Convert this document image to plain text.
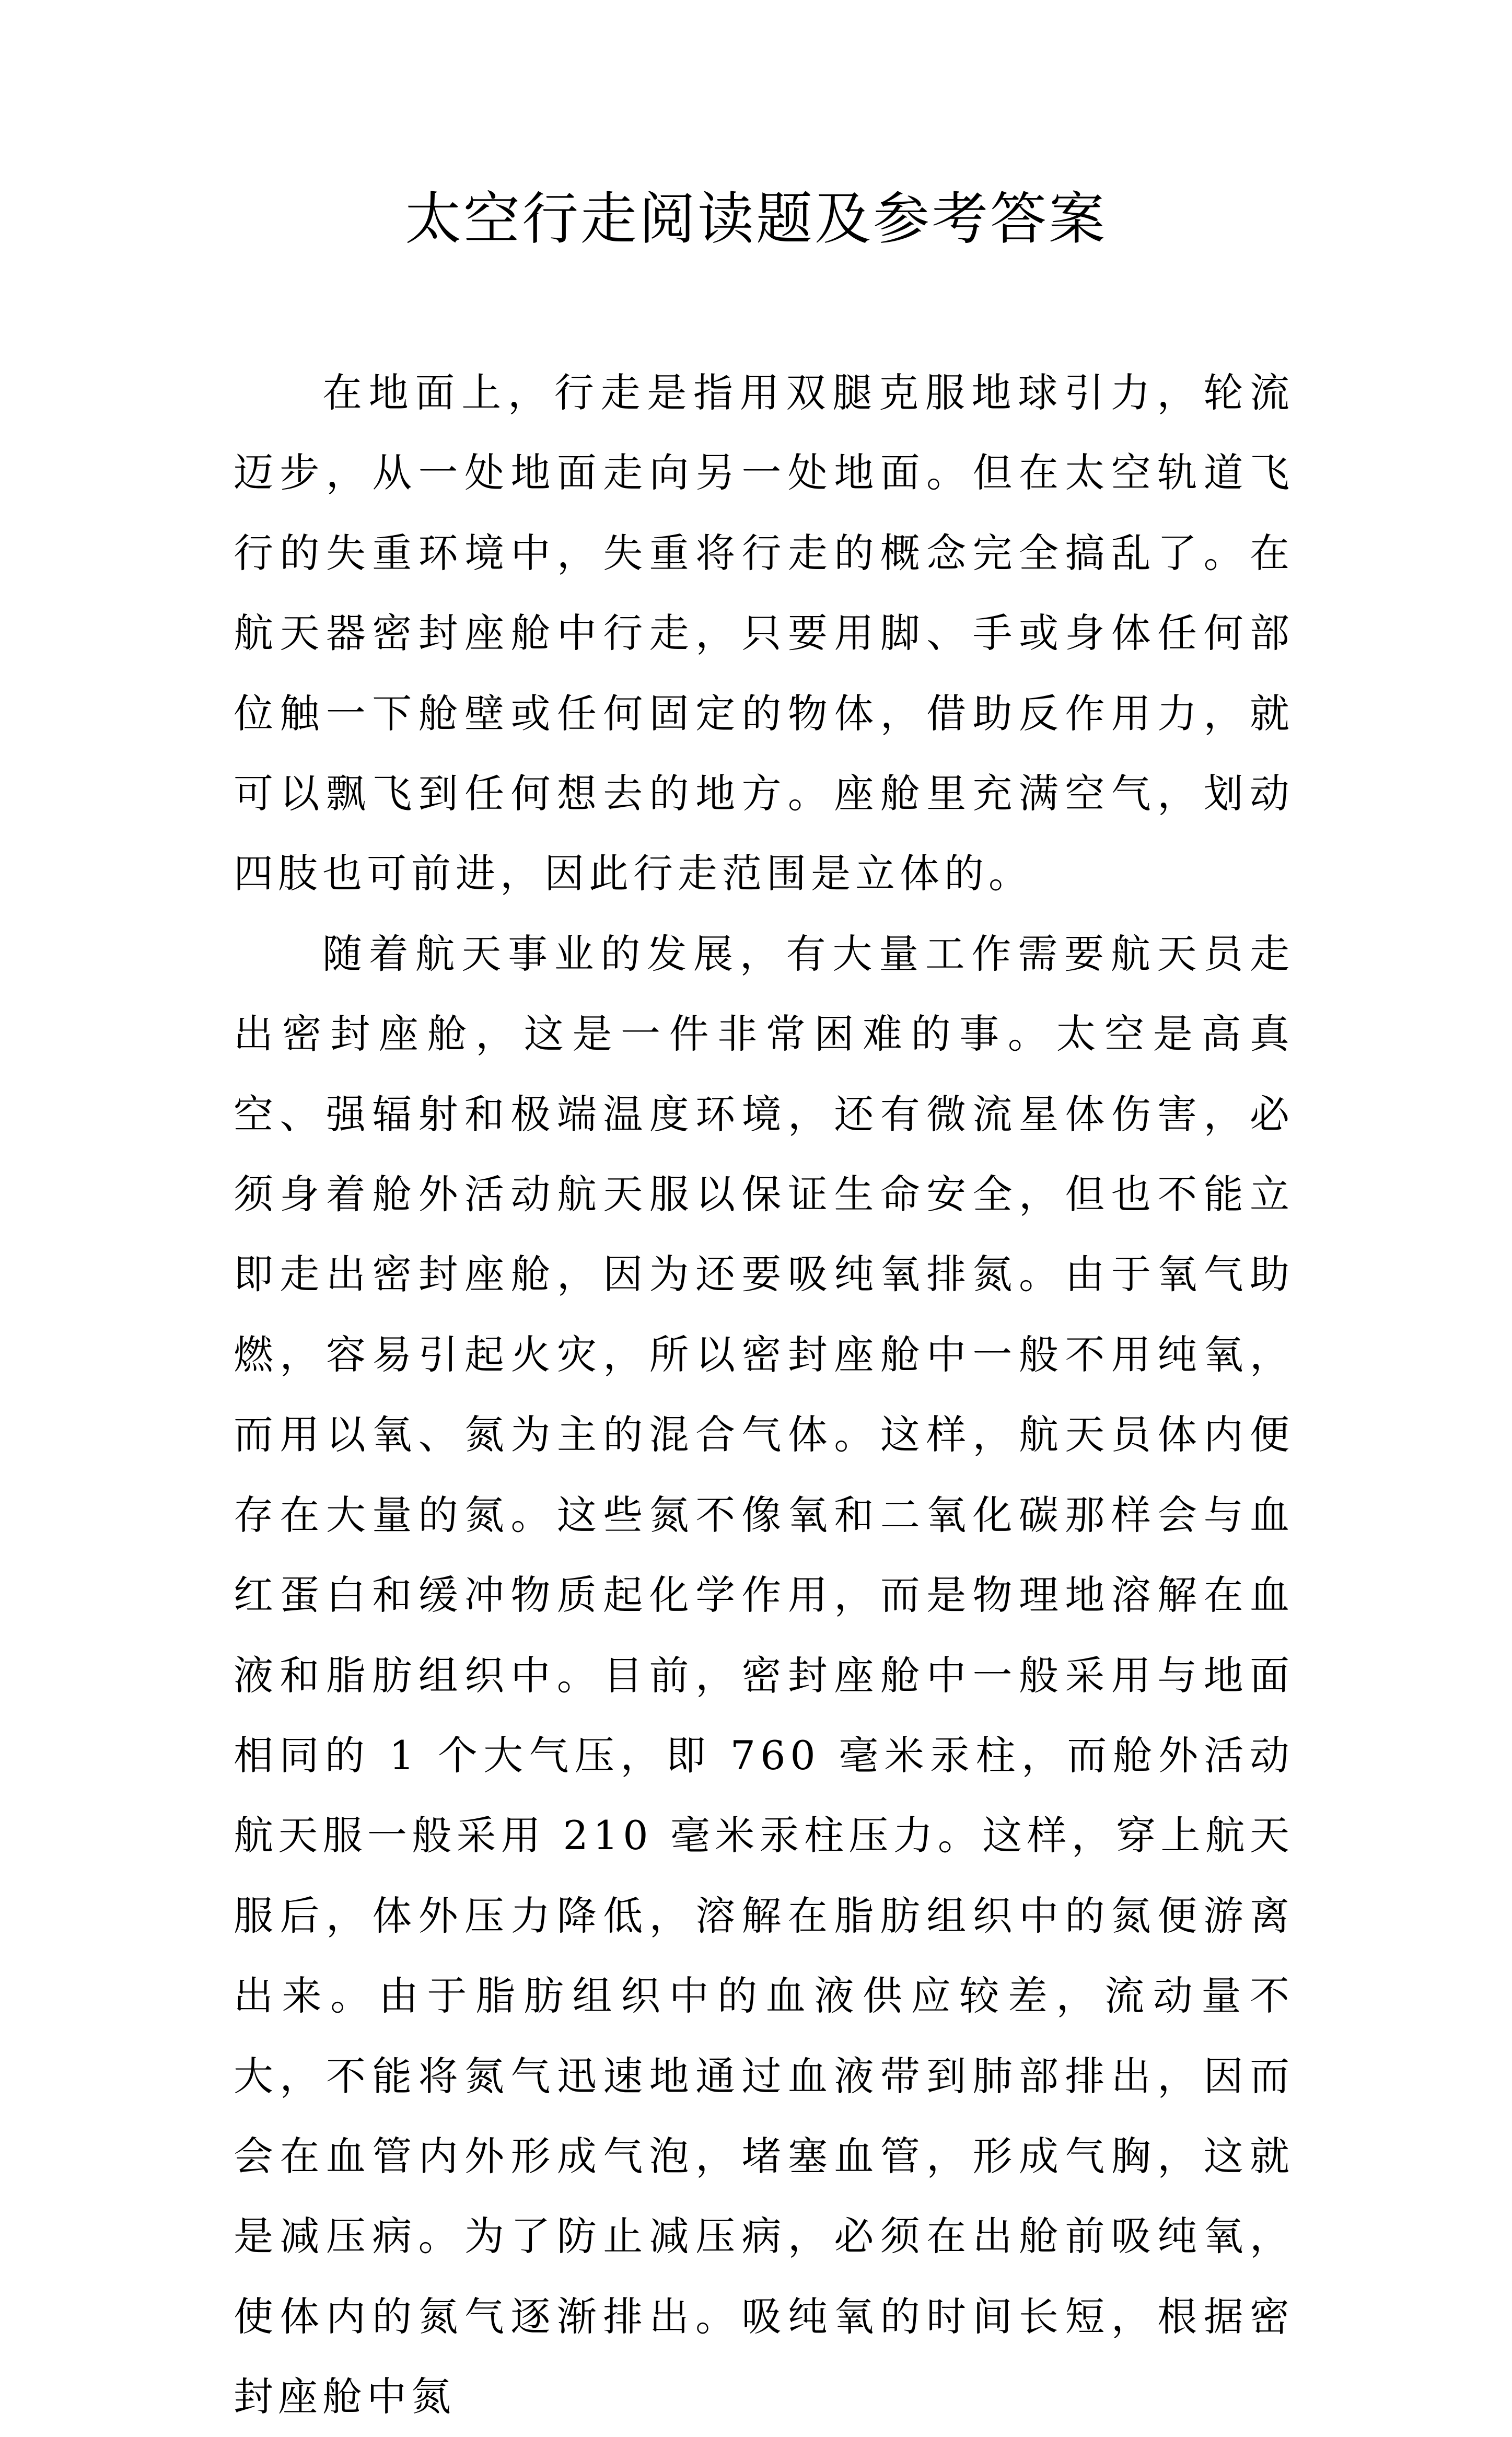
太空行走阅读题及参考答案

在地面上，行走是指用双腿克服地球引力，轮流迈步，从一处地面走向另一处地面。但在太空轨道飞行的失重环境中，失重将行走的概念完全搞乱了。在航天器密封座舱中行走，只要用脚、手或身体任何部位触一下舱壁或任何固定的物体，借助反作用力，就可以飘飞到任何想去的地方。座舱里充满空气，划动四肢也可前进，因此行走范围是立体的。

随着航天事业的发展，有大量工作需要航天员走出密封座舱，这是一件非常困难的事。太空是高真空、强辐射和极端温度环境，还有微流星体伤害，必须身着舱外活动航天服以保证生命安全，但也不能立即走出密封座舱，因为还要吸纯氧排氮。由于氧气助燃，容易引起火灾，所以密封座舱中一般不用纯氧，而用以氧、氮为主的混合气体。这样，航天员体内便存在大量的氮。这些氮不像氧和二氧化碳那样会与血红蛋白和缓冲物质起化学作用，而是物理地溶解在血液和脂肪组织中。目前，密封座舱中一般采用与地面相同的 1 个大气压，即 760 毫米汞柱，而舱外活动航天服一般采用 210 毫米汞柱压力。这样，穿上航天服后，体外压力降低，溶解在脂肪组织中的氮便游离出来。由于脂肪组织中的血液供应较差，流动量不大，不能将氮气迅速地通过血液带到肺部排出，因而会在血管内外形成气泡，堵塞血管，形成气胸，这就是减压病。为了防止减压病，必须在出舱前吸纯氧，使体内的氮气逐渐排出。吸纯氧的时间长短，根据密封座舱中氮
